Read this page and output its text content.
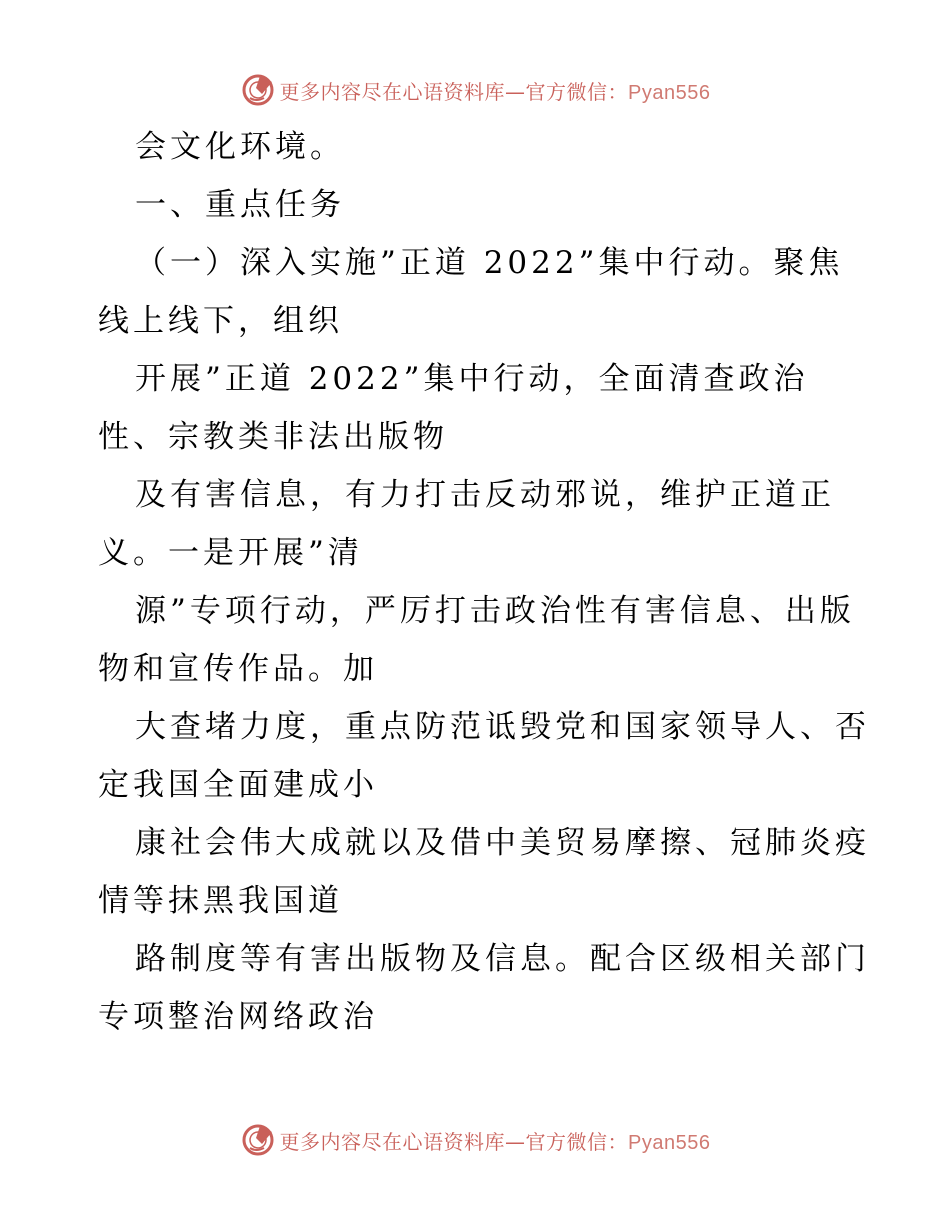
更多内容尽在心语资料库—官方微信：Pyan556
会文化环境。
一、重点任务
（一）深入实施”正道 2022”集中行动。聚焦
线上线下，组织
开展”正道 2022”集中行动，全面清查政治
性、宗教类非法出版物
及有害信息，有力打击反动邪说，维护正道正
义。一是开展”清
源”专项行动，严厉打击政治性有害信息、出版
物和宣传作品。加
大查堵力度，重点防范诋毁党和国家领导人、否
定我国全面建成小
康社会伟大成就以及借中美贸易摩擦、冠肺炎疫
情等抹黑我国道
路制度等有害出版物及信息。配合区级相关部门
专项整治网络政治
更多内容尽在心语资料库—官方微信：Pyan556
